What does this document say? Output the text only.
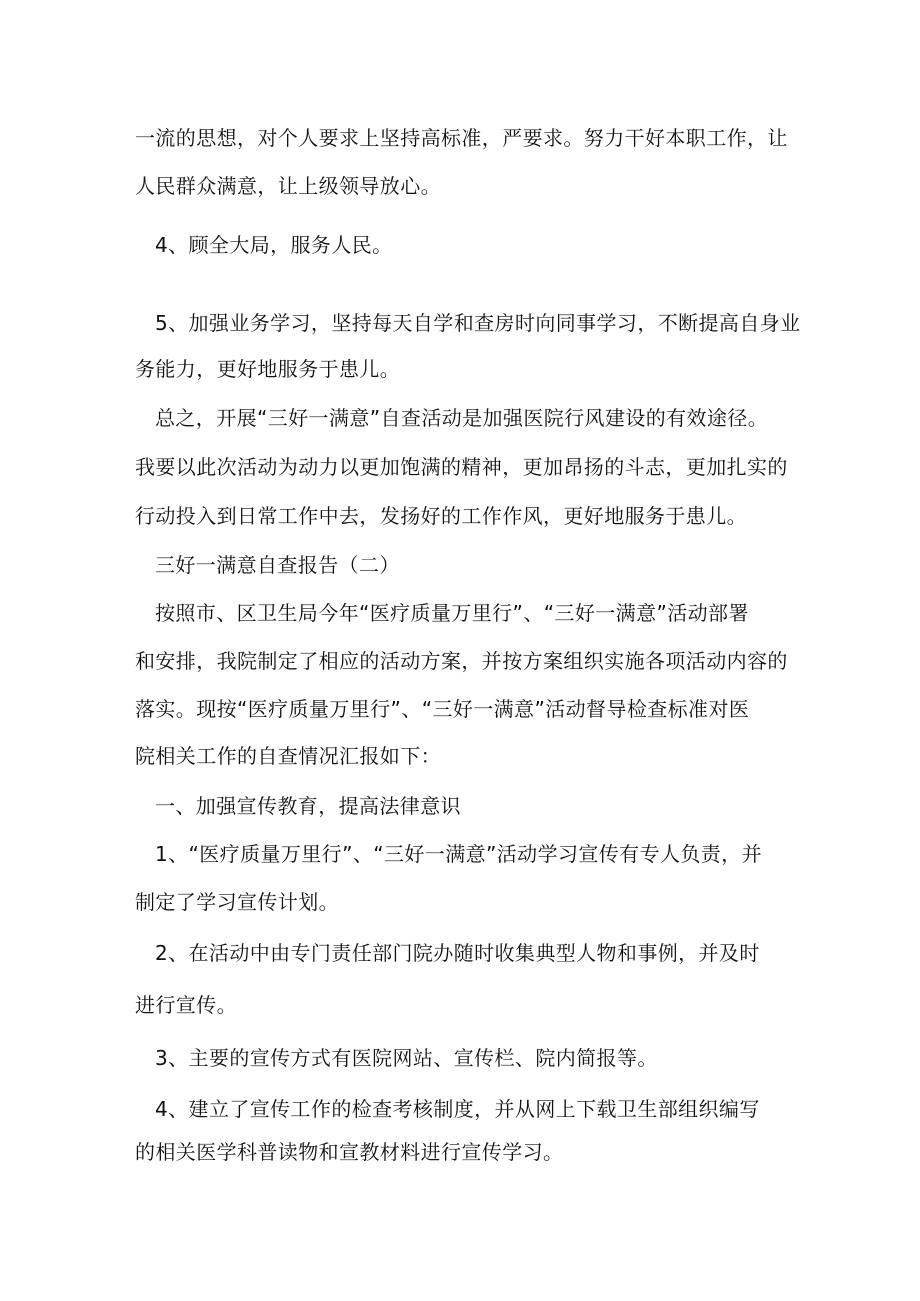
一流的思想，对个人要求上坚持高标准，严要求。努力干好本职工作，让
人民群众满意，让上级领导放心。
4、顾全大局，服务人民。
5、加强业务学习，坚持每天自学和查房时向同事学习，不断提高自身业
务能力，更好地服务于患儿。
总之，开展“三好一满意”自查活动是加强医院行风建设的有效途径。
我要以此次活动为动力以更加饱满的精神，更加昂扬的斗志，更加扎实的
行动投入到日常工作中去，发扬好的工作作风，更好地服务于患儿。
三好一满意自查报告（二）
按照市、区卫生局今年“医疗质量万里行”、“三好一满意”活动部署
和安排，我院制定了相应的活动方案，并按方案组织实施各项活动内容的
落实。现按“医疗质量万里行”、“三好一满意”活动督导检查标准对医
院相关工作的自查情况汇报如下：
一、加强宣传教育，提高法律意识
1、“医疗质量万里行”、“三好一满意”活动学习宣传有专人负责，并
制定了学习宣传计划。
2、在活动中由专门责任部门院办随时收集典型人物和事例，并及时
进行宣传。
3、主要的宣传方式有医院网站、宣传栏、院内简报等。
4、建立了宣传工作的检查考核制度，并从网上下载卫生部组织编写
的相关医学科普读物和宣教材料进行宣传学习。
